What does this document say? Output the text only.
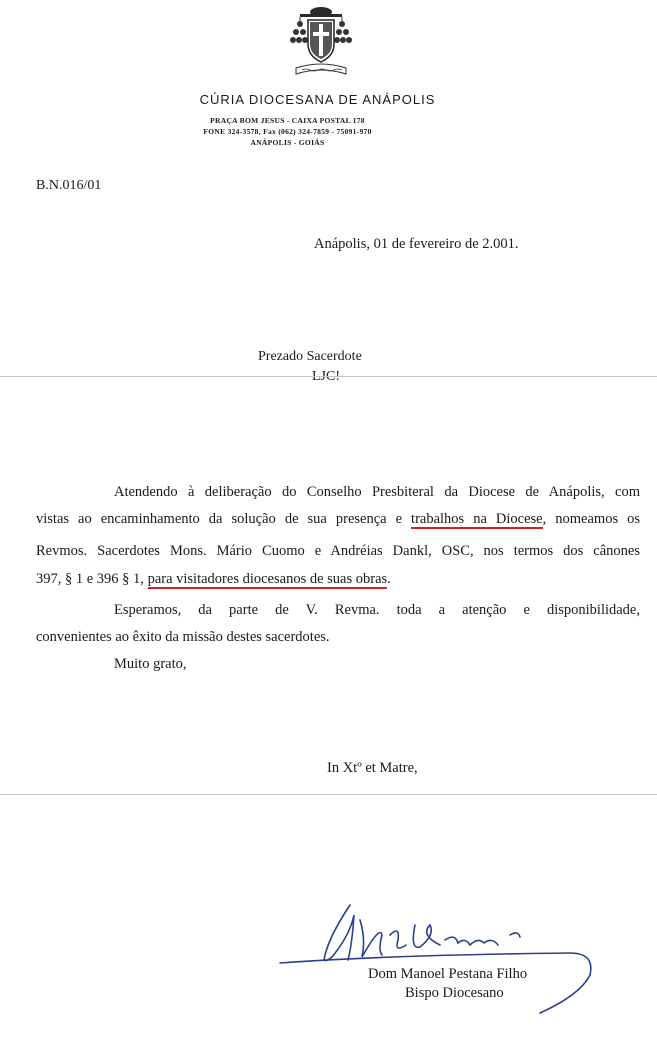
CÚRIA DIOCESANA DE ANÁPOLIS
PRAÇA BOM JESUS - CAIXA POSTAL 178
FONE 324-3578, Fax (062) 324-7859 - 75091-970
ANÁPOLIS - GOIÁS
B.N.016/01
Anápolis, 01 de fevereiro de 2.001.
Prezado Sacerdote
LJC!
Atendendo à deliberação do Conselho Presbiteral da Diocese de Anápolis, com
vistas ao encaminhamento da solução de sua presença e trabalhos na Diocese, nomeamos os
Revmos. Sacerdotes Mons. Mário Cuomo e Andréias Dankl, OSC, nos termos dos cânones
397, § 1 e 396 § 1, para visitadores diocesanos de suas obras.
Esperamos, da parte de V. Revma. toda a atenção e disponibilidade,
convenientes ao êxito da missão destes sacerdotes.
Muito grato,
In Xtº et Matre,
Dom Manoel Pestana Filho
Bispo Diocesano
